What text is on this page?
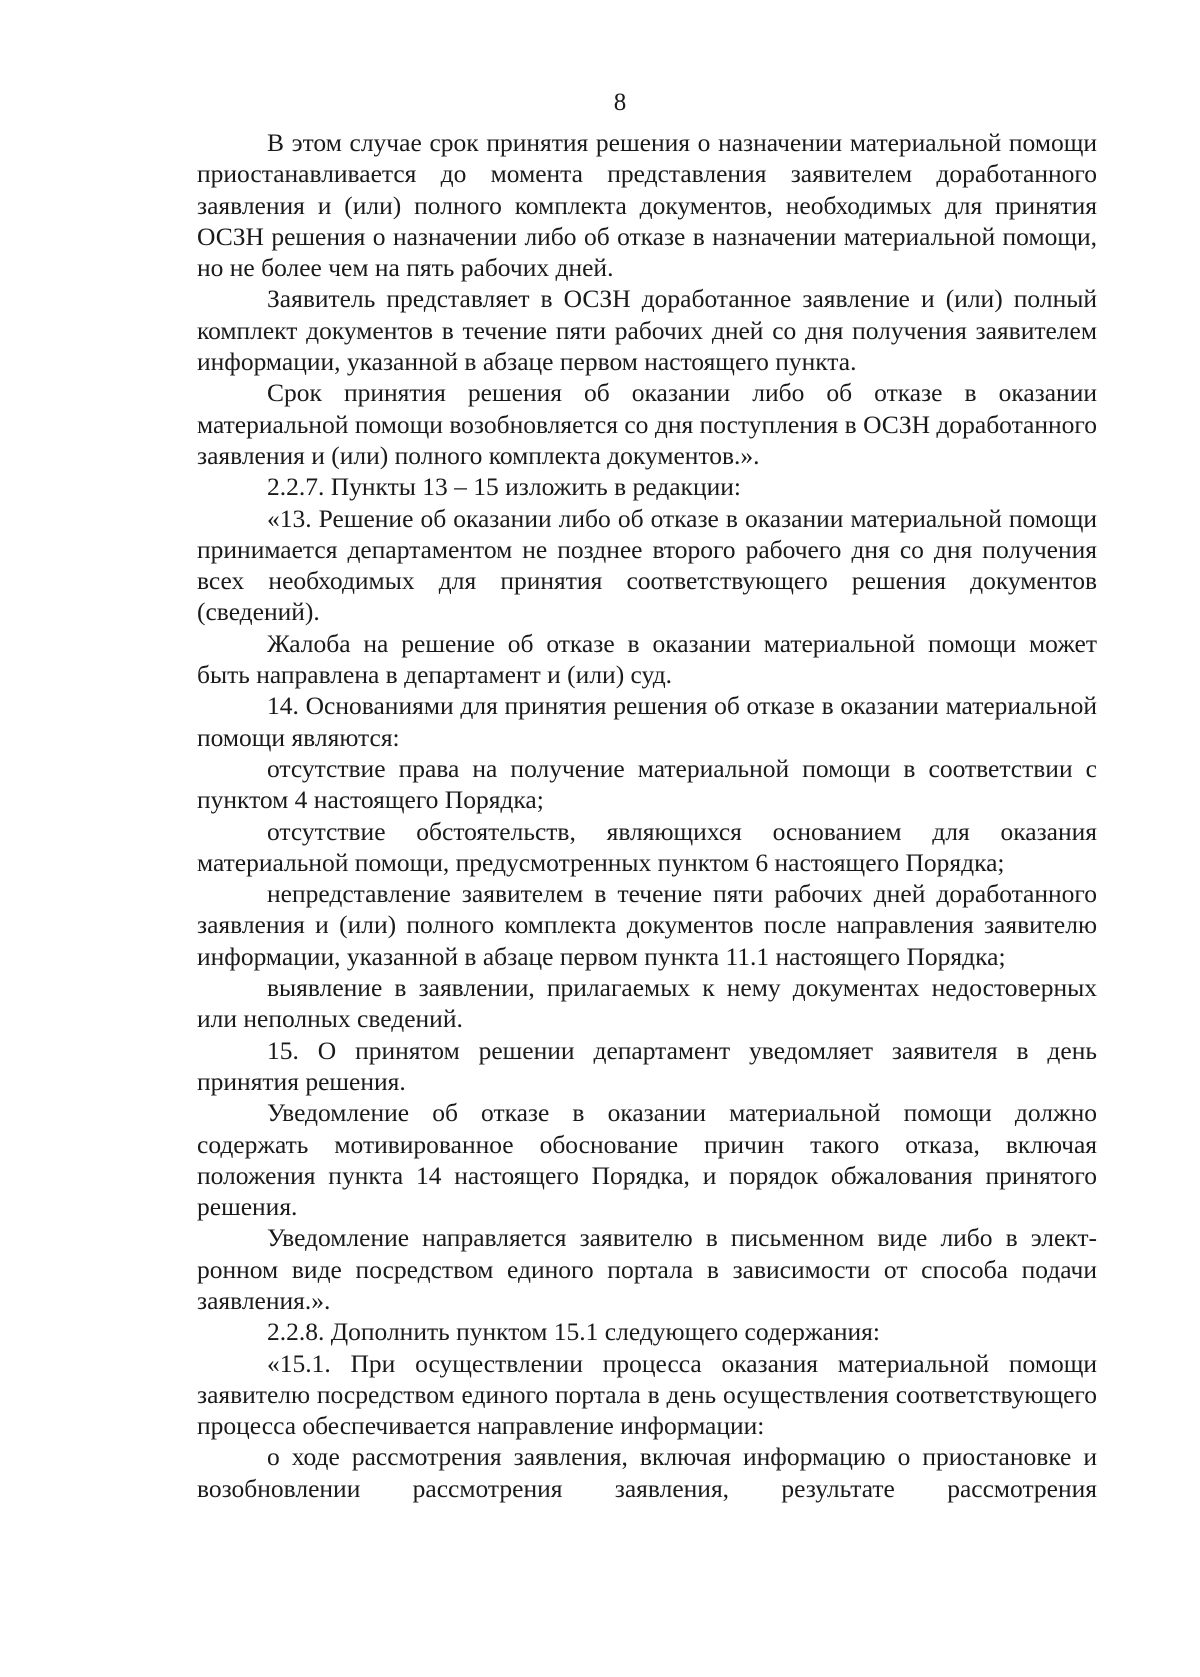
8

В этом случае срок принятия решения о назначении материальной помощи приостанавливается до момента представления заявителем доработанного заявления и (или) полного комплекта документов, необходимых для принятия ОСЗН решения о назначении либо об отказе в назначении материальной помощи, но не более чем на пять рабочих дней.

Заявитель представляет в ОСЗН доработанное заявление и (или) полный комплект документов в течение пяти рабочих дней со дня получения заявителем информации, указанной в абзаце первом настоящего пункта.

Срок принятия решения об оказании либо об отказе в оказании материальной помощи возобновляется со дня поступления в ОСЗН доработанного заявления и (или) полного комплекта документов.».

2.2.7. Пункты 13 – 15 изложить в редакции:

«13. Решение об оказании либо об отказе в оказании материальной помощи принимается департаментом не позднее второго рабочего дня со дня получения всех необходимых для принятия соответствующего решения документов (сведений).

Жалоба на решение об отказе в оказании материальной помощи может быть направлена в департамент и (или) суд.

14. Основаниями для принятия решения об отказе в оказании материальной помощи являются:

отсутствие права на получение материальной помощи в соответствии с пунктом 4 настоящего Порядка;

отсутствие обстоятельств, являющихся основанием для оказания материальной помощи, предусмотренных пунктом 6 настоящего Порядка;

непредставление заявителем в течение пяти рабочих дней доработанного заявления и (или) полного комплекта документов после направления заявителю информации, указанной в абзаце первом пункта 11.1 настоящего Порядка;

выявление в заявлении, прилагаемых к нему документах недостоверных или неполных сведений.

15. О принятом решении департамент уведомляет заявителя в день принятия решения.

Уведомление об отказе в оказании материальной помощи должно содержать мотивированное обоснование причин такого отказа, включая положения пункта 14 настоящего Порядка, и порядок обжалования принятого решения.

Уведомление направляется заявителю в письменном виде либо в электронном виде посредством единого портала в зависимости от способа подачи заявления.».

2.2.8. Дополнить пунктом 15.1 следующего содержания:

«15.1. При осуществлении процесса оказания материальной помощи заявителю посредством единого портала в день осуществления соответствующего процесса обеспечивается направление информации:

о ходе рассмотрения заявления, включая информацию о приостановке и возобновлении рассмотрения заявления, результате рассмотрения
